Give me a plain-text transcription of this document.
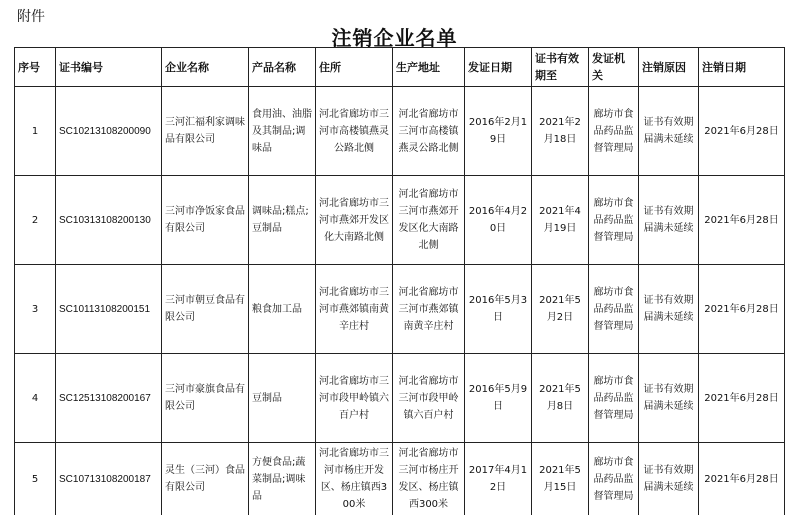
附件
注销企业名单
序号	证书编号	企业名称	产品名称	住所	生产地址	发证日期	证书有效期至	发证机关	注销原因	注销日期
1	SC10213108200090	三河汇福利家调味品有限公司	食用油、油脂及其制品;调味品	河北省廊坊市三河市高楼镇燕灵公路北侧	河北省廊坊市三河市高楼镇燕灵公路北侧	2016年2月19日	2021年2月18日	廊坊市食品药品监督管理局	证书有效期届满未延续	2021年6月28日
2	SC10313108200130	三河市净饭家食品有限公司	调味品;糕点;豆制品	河北省廊坊市三河市燕郊开发区化大南路北侧	河北省廊坊市三河市燕郊开发区化大南路北侧	2016年4月20日	2021年4月19日	廊坊市食品药品监督管理局	证书有效期届满未延续	2021年6月28日
3	SC10113108200151	三河市朝豆食品有限公司	粮食加工品	河北省廊坊市三河市燕郊镇南黄辛庄村	河北省廊坊市三河市燕郊镇南黄辛庄村	2016年5月3日	2021年5月2日	廊坊市食品药品监督管理局	证书有效期届满未延续	2021年6月28日
4	SC12513108200167	三河市豪旗食品有限公司	豆制品	河北省廊坊市三河市段甲岭镇六百户村	河北省廊坊市三河市段甲岭镇六百户村	2016年5月9日	2021年5月8日	廊坊市食品药品监督管理局	证书有效期届满未延续	2021年6月28日
5	SC10713108200187	灵生（三河）食品有限公司	方便食品;蔬菜制品;调味品	河北省廊坊市三河市杨庄开发区、杨庄镇西300米	河北省廊坊市三河市杨庄开发区、杨庄镇西300米	2017年4月12日	2021年5月15日	廊坊市食品药品监督管理局	证书有效期届满未延续	2021年6月28日
